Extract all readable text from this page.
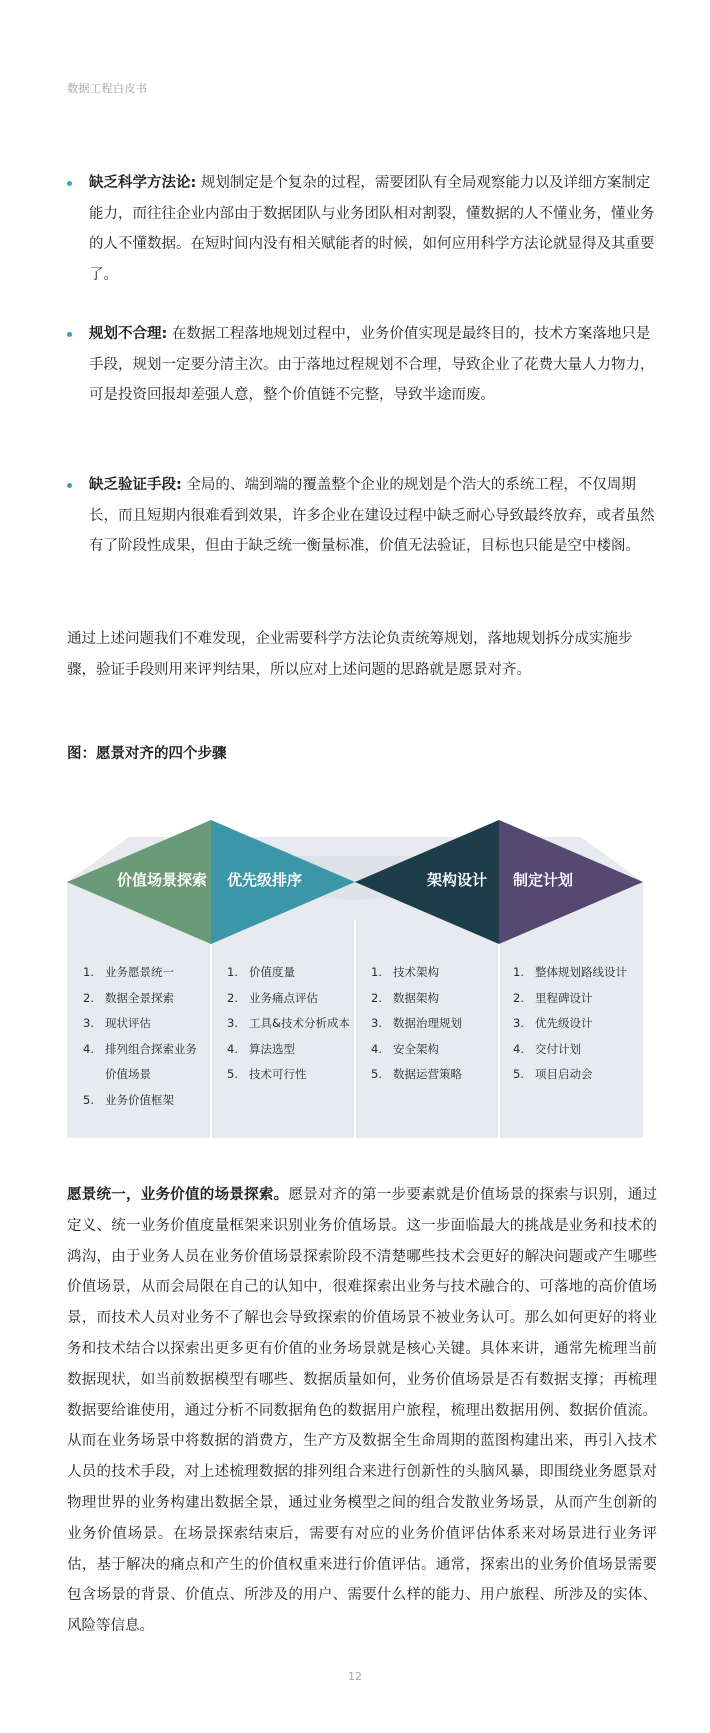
数据工程白皮书
缺乏科学方法论: 规划制定是个复杂的过程，需要团队有全局观察能力以及详细方案制定能力，而往往企业内部由于数据团队与业务团队相对割裂，懂数据的人不懂业务，懂业务的人不懂数据。在短时间内没有相关赋能者的时候，如何应用科学方法论就显得及其重要了。
规划不合理: 在数据工程落地规划过程中，业务价值实现是最终目的，技术方案落地只是手段，规划一定要分清主次。由于落地过程规划不合理，导致企业了花费大量人力物力，可是投资回报却差强人意，整个价值链不完整，导致半途而废。
缺乏验证手段: 全局的、端到端的覆盖整个企业的规划是个浩大的系统工程，不仅周期长，而且短期内很难看到效果，许多企业在建设过程中缺乏耐心导致最终放弃，或者虽然有了阶段性成果，但由于缺乏统一衡量标准，价值无法验证，目标也只能是空中楼阁。
通过上述问题我们不难发现，企业需要科学方法论负责统筹规划，落地规划拆分成实施步骤，验证手段则用来评判结果，所以应对上述问题的思路就是愿景对齐。
图：愿景对齐的四个步骤
价值场景探索 优先级排序	架构设计 制定计划
1. 业务愿景统一
2. 数据全景探索
3. 现状评估
4. 排列组合探索业务价值场景
5. 业务价值框架
1. 价值度量
2. 业务痛点评估
3. 工具&技术分析成本
4. 算法选型
5. 技术可行性
1. 技术架构
2. 数据架构
3. 数据治理规划
4. 安全架构
5. 数据运营策略
1. 整体规划路线设计
2. 里程碑设计
3. 优先级设计
4. 交付计划
5. 项目启动会
愿景统一，业务价值的场景探索。愿景对齐的第一步要素就是价值场景的探索与识别，通过定义、统一业务价值度量框架来识别业务价值场景。这一步面临最大的挑战是业务和技术的鸿沟，由于业务人员在业务价值场景探索阶段不清楚哪些技术会更好的解决问题或产生哪些价值场景，从而会局限在自己的认知中，很难探索出业务与技术融合的、可落地的高价值场景，而技术人员对业务不了解也会导致探索的价值场景不被业务认可。那么如何更好的将业务和技术结合以探索出更多更有价值的业务场景就是核心关键。具体来讲，通常先梳理当前数据现状，如当前数据模型有哪些、数据质量如何，业务价值场景是否有数据支撑；再梳理数据要给谁使用，通过分析不同数据角色的数据用户旅程，梳理出数据用例、数据价值流。从而在业务场景中将数据的消费方，生产方及数据全生命周期的蓝图构建出来，再引入技术人员的技术手段，对上述梳理数据的排列组合来进行创新性的头脑风暴，即围绕业务愿景对物理世界的业务构建出数据全景，通过业务模型之间的组合发散业务场景，从而产生创新的业务价值场景。在场景探索结束后，需要有对应的业务价值评估体系来对场景进行业务评估，基于解决的痛点和产生的价值权重来进行价值评估。通常，探索出的业务价值场景需要包含场景的背景、价值点、所涉及的用户、需要什么样的能力、用户旅程、所涉及的实体、风险等信息。
12
